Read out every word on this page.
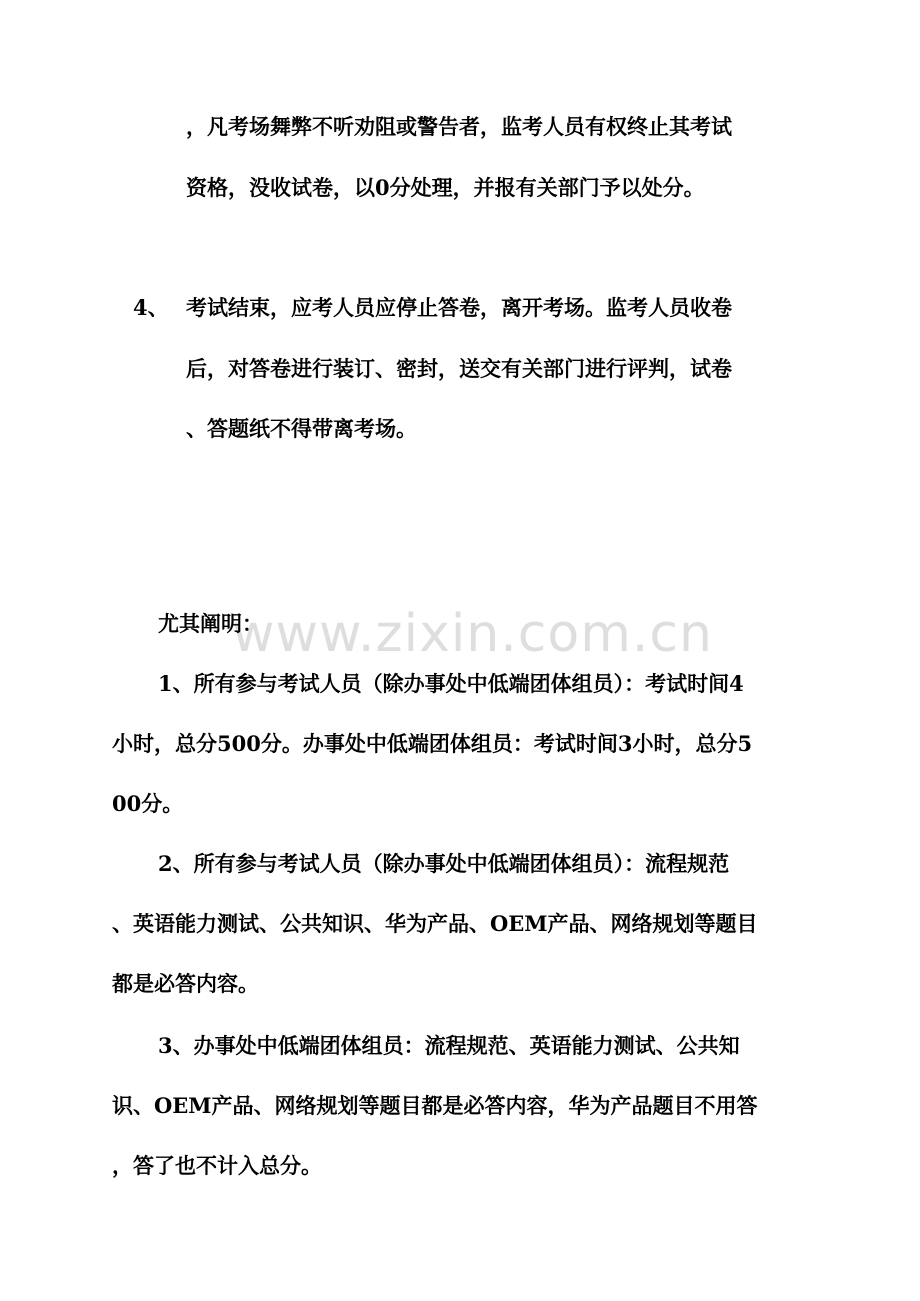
www.zixin.com.cn
，凡考场舞弊不听劝阻或警告者，监考人员有权终止其考试
资格，没收试卷，以0分处理，并报有关部门予以处分。
4、 考试结束，应考人员应停止答卷，离开考场。监考人员收卷
后，对答卷进行装订、密封，送交有关部门进行评判，试卷
、答题纸不得带离考场。
尤其阐明：
1、所有参与考试人员（除办事处中低端团体组员）：考试时间4
小时，总分500分。办事处中低端团体组员：考试时间3小时，总分5
00分。
2、所有参与考试人员（除办事处中低端团体组员）：流程规范
、英语能力测试、公共知识、华为产品、OEM产品、网络规划等题目
都是必答内容。
3、办事处中低端团体组员：流程规范、英语能力测试、公共知
识、OEM产品、网络规划等题目都是必答内容，华为产品题目不用答
，答了也不计入总分。
